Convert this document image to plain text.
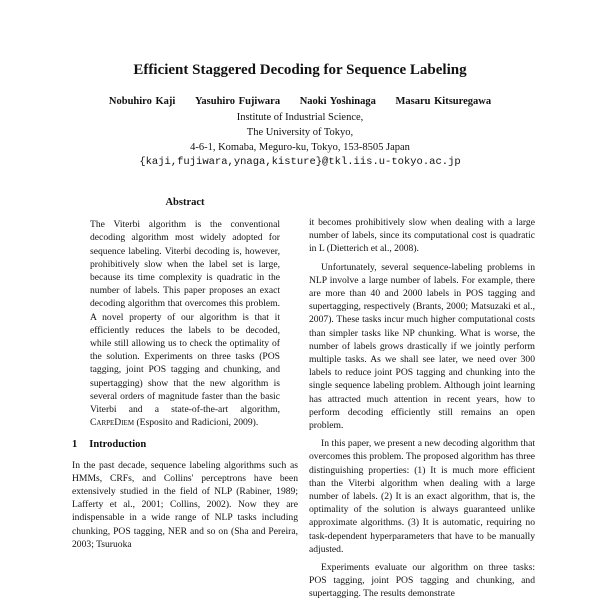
Efficient Staggered Decoding for Sequence Labeling
Nobuhiro Kaji Yasuhiro Fujiwara Naoki Yoshinaga Masaru Kitsuregawa
Institute of Industrial Science,
The University of Tokyo,
4-6-1, Komaba, Meguro-ku, Tokyo, 153-8505 Japan
{kaji,fujiwara,ynaga,kisture}@tkl.iis.u-tokyo.ac.jp
Abstract

The Viterbi algorithm is the conventional decoding algorithm most widely adopted for sequence labeling. Viterbi decoding is, however, prohibitively slow when the label set is large, because its time complexity is quadratic in the number of labels. This paper proposes an exact decoding algorithm that overcomes this problem. A novel property of our algorithm is that it efficiently reduces the labels to be decoded, while still allowing us to check the optimality of the solution. Experiments on three tasks (POS tagging, joint POS tagging and chunking, and supertagging) show that the new algorithm is several orders of magnitude faster than the basic Viterbi and a state-of-the-art algorithm, CarpeDiem (Esposito and Radicioni, 2009).

1 Introduction

In the past decade, sequence labeling algorithms such as HMMs, CRFs, and Collins' perceptrons have been extensively studied in the field of NLP (Rabiner, 1989; Lafferty et al., 2001; Collins, 2002). Now they are indispensable in a wide range of NLP tasks including chunking, POS tagging, NER and so on (Sha and Pereira, 2003; Tsuruoka

it becomes prohibitively slow when dealing with a large number of labels, since its computational cost is quadratic in L (Dietterich et al., 2008).

Unfortunately, several sequence-labeling problems in NLP involve a large number of labels. For example, there are more than 40 and 2000 labels in POS tagging and supertagging, respectively (Brants, 2000; Matsuzaki et al., 2007). These tasks incur much higher computational costs than simpler tasks like NP chunking. What is worse, the number of labels grows drastically if we jointly perform multiple tasks. As we shall see later, we need over 300 labels to reduce joint POS tagging and chunking into the single sequence labeling problem. Although joint learning has attracted much attention in recent years, how to perform decoding efficiently still remains an open problem.

In this paper, we present a new decoding algorithm that overcomes this problem. The proposed algorithm has three distinguishing properties: (1) It is much more efficient than the Viterbi algorithm when dealing with a large number of labels. (2) It is an exact algorithm, that is, the optimality of the solution is always guaranteed unlike approximate algorithms. (3) It is automatic, requiring no task-dependent hyperparameters that have to be manually adjusted.

Experiments evaluate our algorithm on three tasks: POS tagging, joint POS tagging and chunking, and supertagging. The results demonstrate
